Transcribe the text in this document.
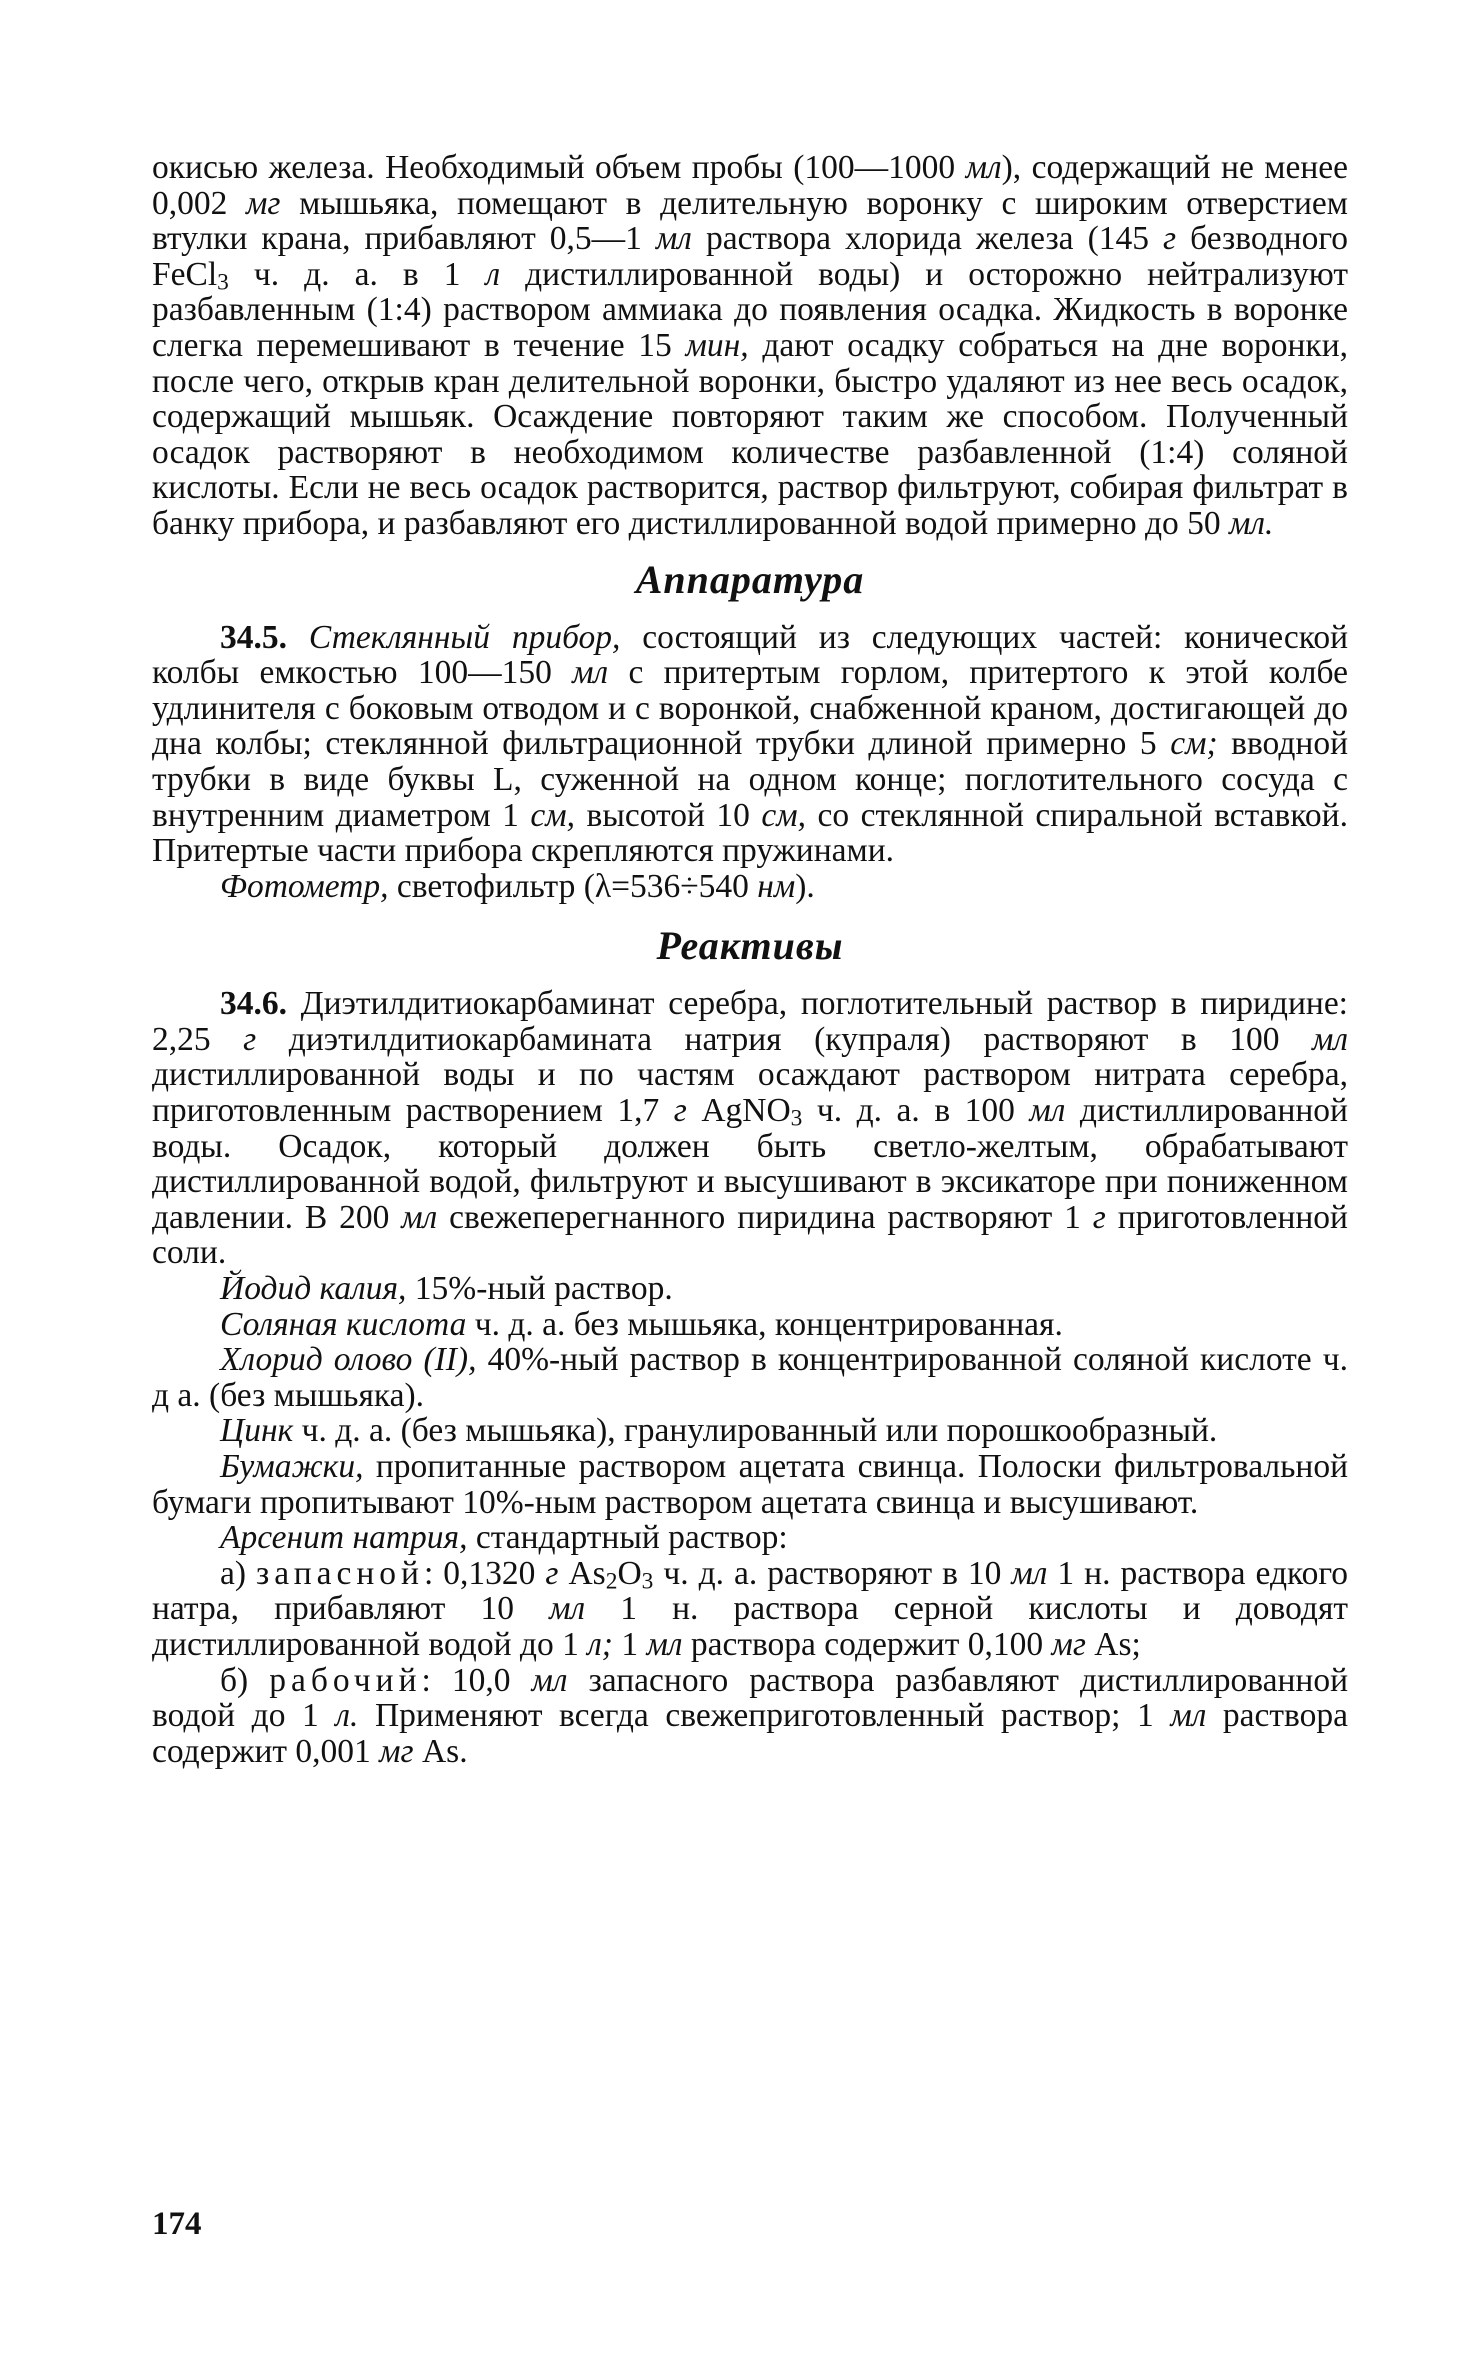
окисью железа. Необходимый объем пробы (100—1000 мл), содержащий не менее 0,002 мг мышьяка, помещают в делительную воронку с широким отверстием втулки крана, прибавляют 0,5—1 мл раствора хлорида железа (145 г безводного FeCl$_3$ ч. д. а. в 1 л дистиллированной воды) и осторожно нейтрализуют разбавленным (1:4) раствором аммиака до появления осадка. Жидкость в воронке слегка перемешивают в течение 15 мин, дают осадку собраться на дне воронки, после чего, открыв кран делительной воронки, быстро удаляют из нее весь осадок, содержащий мышьяк. Осаждение повторяют таким же способом. Полученный осадок растворяют в необходимом количестве разбавленной (1:4) соляной кислоты. Если не весь осадок растворится, раствор фильтруют, собирая фильтрат в банку прибора, и разбавляют его дистиллированной водой примерно до 50 мл.

Аппаратура

34.5. Стеклянный прибор, состоящий из следующих частей: конической колбы емкостью 100—150 мл с притертым горлом, притертого к этой колбе удлинителя с боковым отводом и с воронкой, снабженной краном, достигающей до дна колбы; стеклянной фильтрационной трубки длиной примерно 5 см; вводной трубки в виде буквы L, суженной на одном конце; поглотительного сосуда с внутренним диаметром 1 см, высотой 10 см, со стеклянной спиральной вставкой. Притертые части прибора скрепляются пружинами.

Фотометр, светофильтр (λ=536÷540 нм).

Реактивы

34.6. Диэтилдитиокарбаминат серебра, поглотительный раствор в пиридине: 2,25 г диэтилдитиокарбамината натрия (купраля) растворяют в 100 мл дистиллированной воды и по частям осаждают раствором нитрата серебра, приготовленным растворением 1,7 г AgNO$_3$ ч. д. а. в 100 мл дистиллированной воды. Осадок, который должен быть светло-желтым, обрабатывают дистиллированной водой, фильтруют и высушивают в эксикаторе при пониженном давлении. В 200 мл свежеперегнанного пиридина растворяют 1 г приготовленной соли.

Йодид калия, 15%-ный раствор.

Соляная кислота ч. д. а. без мышьяка, концентрированная.

Хлорид олово (II), 40%-ный раствор в концентрированной соляной кислоте ч. д а. (без мышьяка).

Цинк ч. д. а. (без мышьяка), гранулированный или порошкообразный.

Бумажки, пропитанные раствором ацетата свинца. Полоски фильтровальной бумаги пропитывают 10%-ным раствором ацетата свинца и высушивают.

Арсенит натрия, стандартный раствор:

а) запасной: 0,1320 г $As_2O_3$ ч. д. а. растворяют в 10 мл 1 н. раствора едкого натра, прибавляют 10 мл 1 н. раствора серной кислоты и доводят дистиллированной водой до 1 л; 1 мл раствора содержит 0,100 мг As;

б) рабочий: 10,0 мл запасного раствора разбавляют дистиллированной водой до 1 л. Применяют всегда свежеприготовленный раствор; 1 мл раствора содержит 0,001 мг As.

174
